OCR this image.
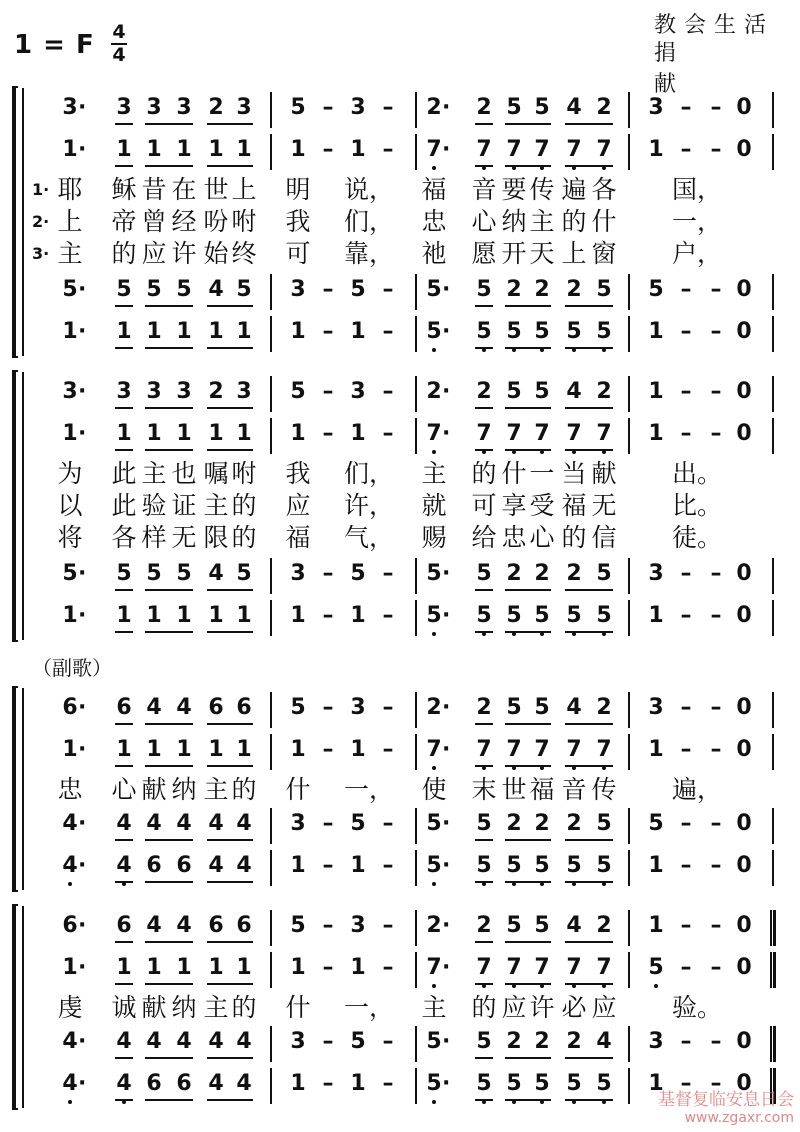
1 = F 4
4
教会生活
捐献
（副歌）
3 · 3 3 3 2 3 5 – 3 – 2 · 2 5 5 4 2 3 – – 0
1 · 1 1 1 1 1 1 – 1 – 7 · 7 7 7 7 7 1 – – 0
1· 耶 稣 昔 在 世 上 明 说， 福 音 要 传 遍 各 国，
2· 上 帝 曾 经 吩 咐 我 们， 忠 心 纳 主 的 什 一，
3· 主 的 应 许 始 终 可 靠， 祂 愿 开 天 上 窗 户，
5 · 5 5 5 4 5 3 – 5 – 5 · 5 2 2 2 5 5 – – 0
1 · 1 1 1 1 1 1 – 1 – 5 · 5 5 5 5 5 1 – – 0
3 · 3 3 3 2 3 5 – 3 – 2 · 2 5 5 4 2 1 – – 0
1 · 1 1 1 1 1 1 – 1 – 7 · 7 7 7 7 7 1 – – 0
为 此 主 也 嘱 咐 我 们， 主 的 什 一 当 献 出。
以 此 验 证 主 的 应 许， 就 可 享 受 福 无 比。
将 各 样 无 限 的 福 气， 赐 给 忠 心 的 信 徒。
5 · 5 5 5 4 5 3 – 5 – 5 · 5 2 2 2 5 3 – – 0
1 · 1 1 1 1 1 1 – 1 – 5 · 5 5 5 5 5 1 – – 0
6 · 6 4 4 6 6 5 – 3 – 2 · 2 5 5 4 2 3 – – 0
1 · 1 1 1 1 1 1 – 1 – 7 · 7 7 7 7 7 1 – – 0
忠 心 献 纳 主 的 什 一， 使 末 世 福 音 传 遍，
4 · 4 4 4 4 4 3 – 5 – 5 · 5 2 2 2 5 5 – – 0
4 · 4 6 6 4 4 1 – 1 – 5 · 5 5 5 5 5 1 – – 0
6 · 6 4 4 6 6 5 – 3 – 2 · 2 5 5 4 2 1 – – 0
1 · 1 1 1 1 1 1 – 1 – 7 · 7 7 7 7 7 5 – – 0
虔 诚 献 纳 主 的 什 一， 主 的 应 许 必 应 验。
4 · 4 4 4 4 4 3 – 5 – 5 · 5 2 2 2 4 3 – – 0
4 · 4 6 6 4 4 1 – 1 – 5 · 5 5 5 5 5 1 – – 0
基督复临安息日会
www.zgaxr.com
